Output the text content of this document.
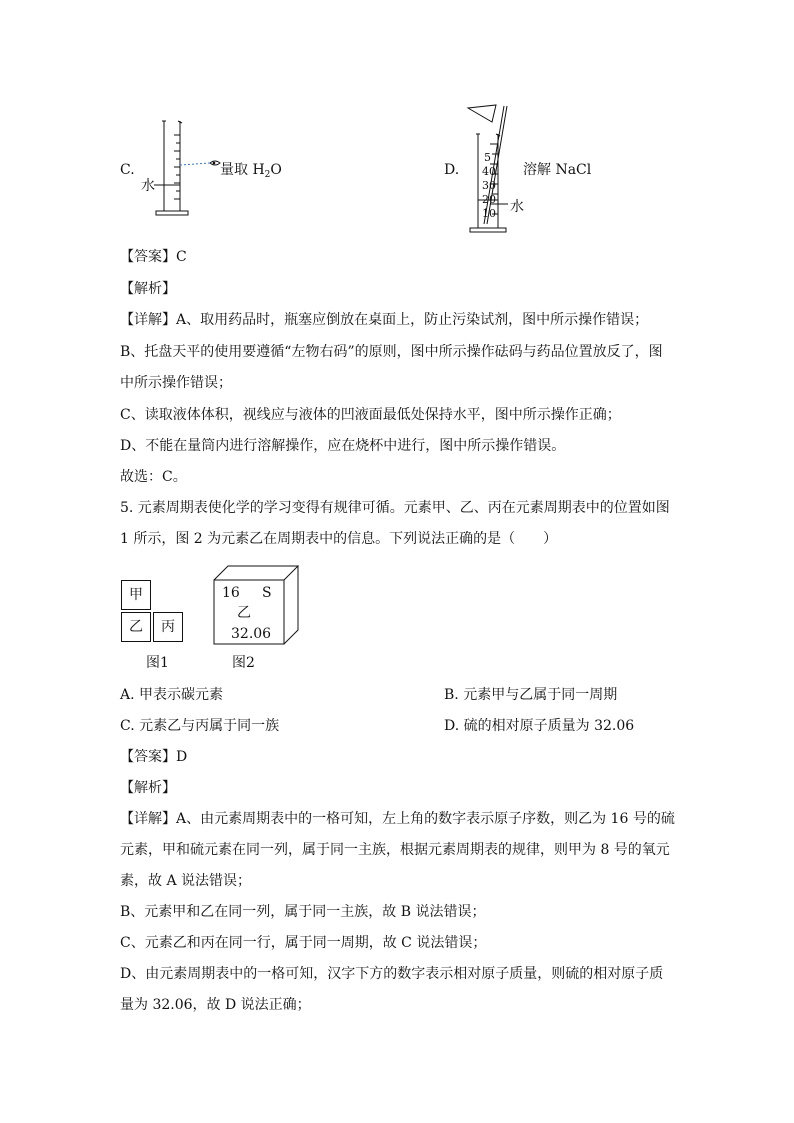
C.
水
量取 $H_2O$	D.
5
40
30
20
10 水
溶解 NaCl
【答案】C
【解析】
【详解】A、取用药品时，瓶塞应倒放在桌面上，防止污染试剂，图中所示操作错误；
B、托盘天平的使用要遵循“左物右码”的原则，图中所示操作砝码与药品位置放反了，图
中所示操作错误；
C、读取液体体积，视线应与液体的凹液面最低处保持水平，图中所示操作正确；
D、不能在量筒内进行溶解操作，应在烧杯中进行，图中所示操作错误。
故选：C。
5. 元素周期表使化学的学习变得有规律可循。元素甲、乙、丙在元素周期表中的位置如图
1 所示，图 2 为元素乙在周期表中的信息。下列说法正确的是（　　）
甲
乙	丙
图1
16 S
乙
32.06
图2
A. 甲表示碳元素	B. 元素甲与乙属于同一周期
C. 元素乙与丙属于同一族	D. 硫的相对原子质量为 32.06
【答案】D
【解析】
【详解】A、由元素周期表中的一格可知，左上角的数字表示原子序数，则乙为 16 号的硫
元素，甲和硫元素在同一列，属于同一主族，根据元素周期表的规律，则甲为 8 号的氧元
素，故 A 说法错误；
B、元素甲和乙在同一列，属于同一主族，故 B 说法错误；
C、元素乙和丙在同一行，属于同一周期，故 C 说法错误；
D、由元素周期表中的一格可知，汉字下方的数字表示相对原子质量，则硫的相对原子质
量为 32.06，故 D 说法正确；
